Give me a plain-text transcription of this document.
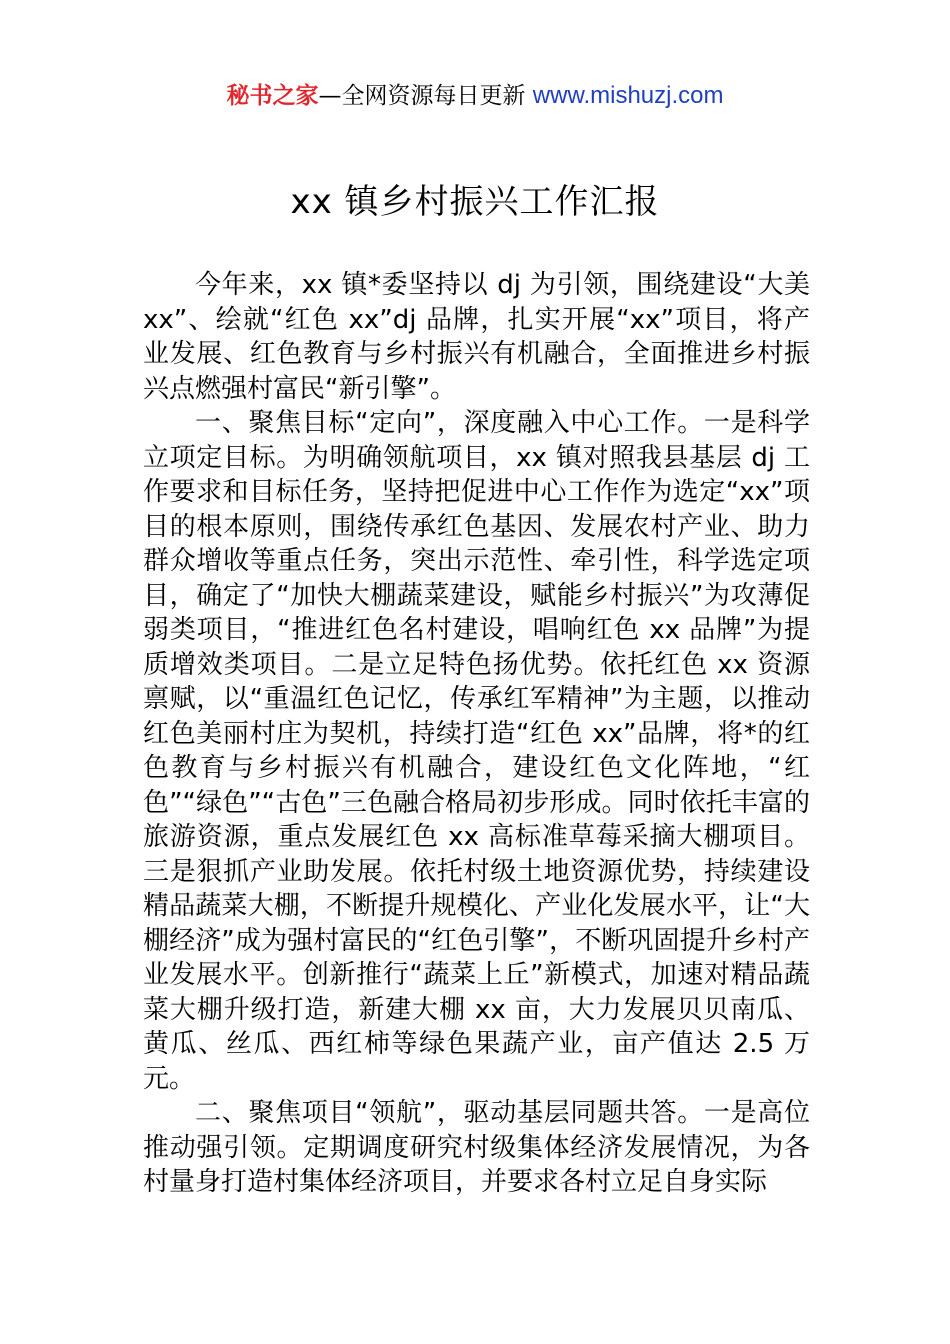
秘书之家—全网资源每日更新 www.mishuzj.com
xx 镇乡村振兴工作汇报

今年来，xx 镇*委坚持以 dj 为引领，围绕建设“大美 xx”、绘就“红色 xx”dj 品牌，扎实开展“xx”项目，将产业发展、红色教育与乡村振兴有机融合，全面推进乡村振兴点燃强村富民“新引擎”。

一、聚焦目标“定向”，深度融入中心工作。一是科学立项定目标。为明确领航项目，xx 镇对照我县基层 dj 工作要求和目标任务，坚持把促进中心工作作为选定“xx”项目的根本原则，围绕传承红色基因、发展农村产业、助力群众增收等重点任务，突出示范性、牵引性，科学选定项目，确定了“加快大棚蔬菜建设，赋能乡村振兴”为攻薄促弱类项目，“推进红色名村建设，唱响红色 xx 品牌”为提质增效类项目。二是立足特色扬优势。依托红色 xx 资源禀赋，以“重温红色记忆，传承红军精神”为主题，以推动红色美丽村庄为契机，持续打造“红色 xx”品牌，将*的红色教育与乡村振兴有机融合，建设红色文化阵地，“红色”“绿色”“古色”三色融合格局初步形成。同时依托丰富的旅游资源，重点发展红色 xx 高标准草莓采摘大棚项目。三是狠抓产业助发展。依托村级土地资源优势，持续建设精品蔬菜大棚，不断提升规模化、产业化发展水平，让“大棚经济”成为强村富民的“红色引擎”，不断巩固提升乡村产业发展水平。创新推行“蔬菜上丘”新模式，加速对精品蔬菜大棚升级打造，新建大棚 xx 亩，大力发展贝贝南瓜、黄瓜、丝瓜、西红柿等绿色果蔬产业，亩产值达 2.5 万元。

二、聚焦项目“领航”，驱动基层同题共答。一是高位推动强引领。定期调度研究村级集体经济发展情况，为各村量身打造村集体经济项目，并要求各村立足自身实际
